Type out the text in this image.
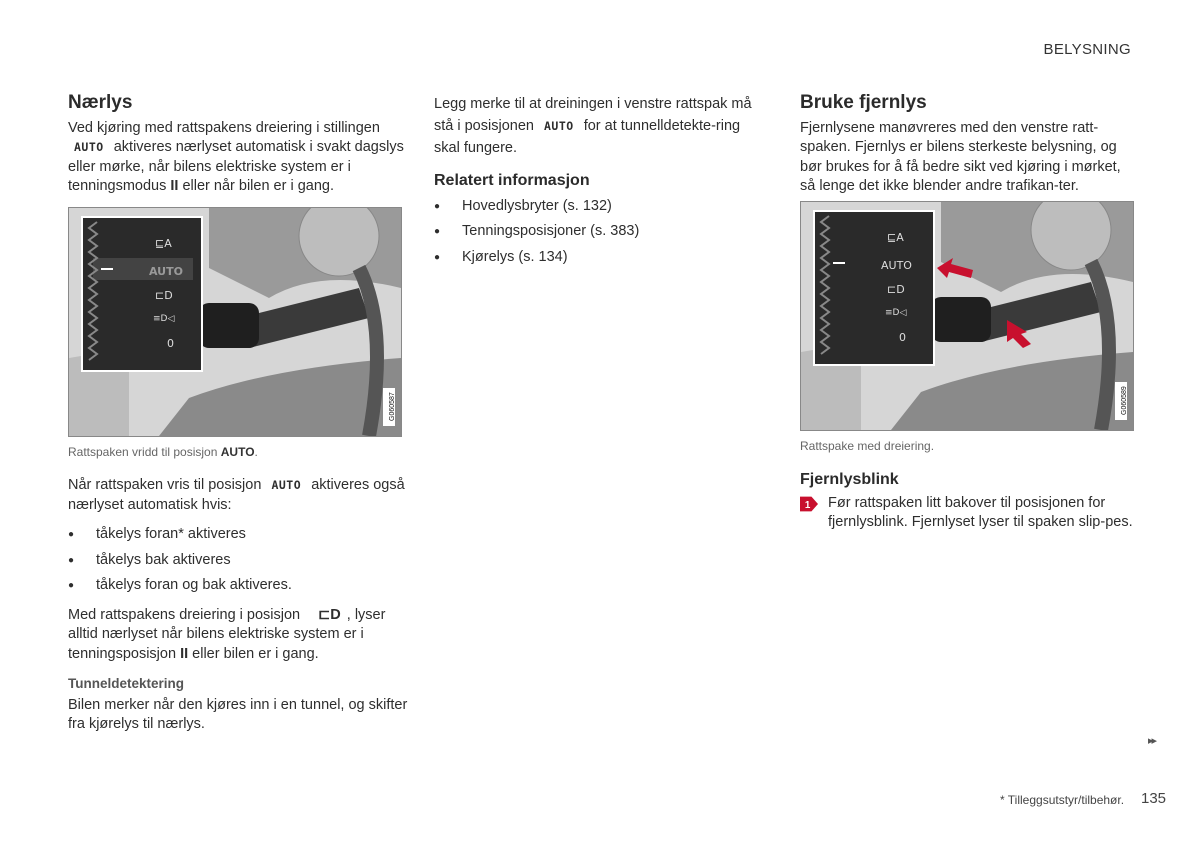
BELYSNING
Nærlys

Ved kjøring med rattspakens dreiering i stillingen AUTO aktiveres nærlyset automatisk i svakt dagslys eller mørke, når bilens elektriske system er i tenningsmodus II eller når bilen er i gang.

⊑A
⊏D
≡D◁
0
G060587
Rattspaken vridd til posisjon AUTO.

Når rattspaken vris til posisjon AUTO aktiveres også nærlyset automatisk hvis:

● tåkelys foran* aktiveres
● tåkelys bak aktiveres
● tåkelys foran og bak aktiveres.

Med rattspakens dreiering i posisjon ⊏D , lyser alltid nærlyset når bilens elektriske system er i tenningsposisjon II eller bilen er i gang.

Tunneldetektering

Bilen merker når den kjøres inn i en tunnel, og skifter fra kjørelys til nærlys.

Legg merke til at dreiningen i venstre rattspak må stå i posisjonen AUTO for at tunnelldetekte-ring skal fungere.

Relatert informasjon
● Hovedlysbryter (s. 132)
● Tenningsposisjoner (s. 383)
● Kjørelys (s. 134)
Bruke fjernlys

Fjernlysene manøvreres med den venstre ratt-spaken. Fjernlys er bilens sterkeste belysning, og bør brukes for å få bedre sikt ved kjøring i mørket, så lenge det ikke blender andre trafikan-ter.

⊑A
AUTO
⊏D
≡D◁
0
G060589
Rattspake med dreiering.
Fjernlysblink
1 Før rattspaken litt bakover til posisjonen for fjernlysblink. Fjernlyset lyser til spaken slip-pes.
▸▸
* Tilleggsutstyr/tilbehør. 135
